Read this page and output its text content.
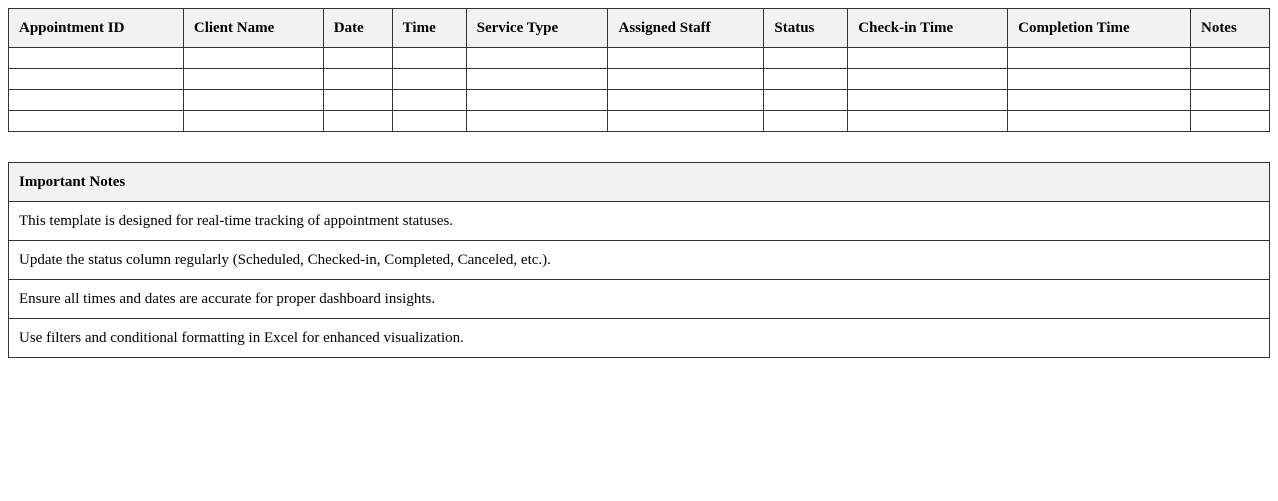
Appointment ID	Client Name	Date	Time	Service Type	Assigned Staff	Status	Check-in Time	Completion Time	Notes

Important Notes
This template is designed for real-time tracking of appointment statuses.
Update the status column regularly (Scheduled, Checked-in, Completed, Canceled, etc.).
Ensure all times and dates are accurate for proper dashboard insights.
Use filters and conditional formatting in Excel for enhanced visualization.
